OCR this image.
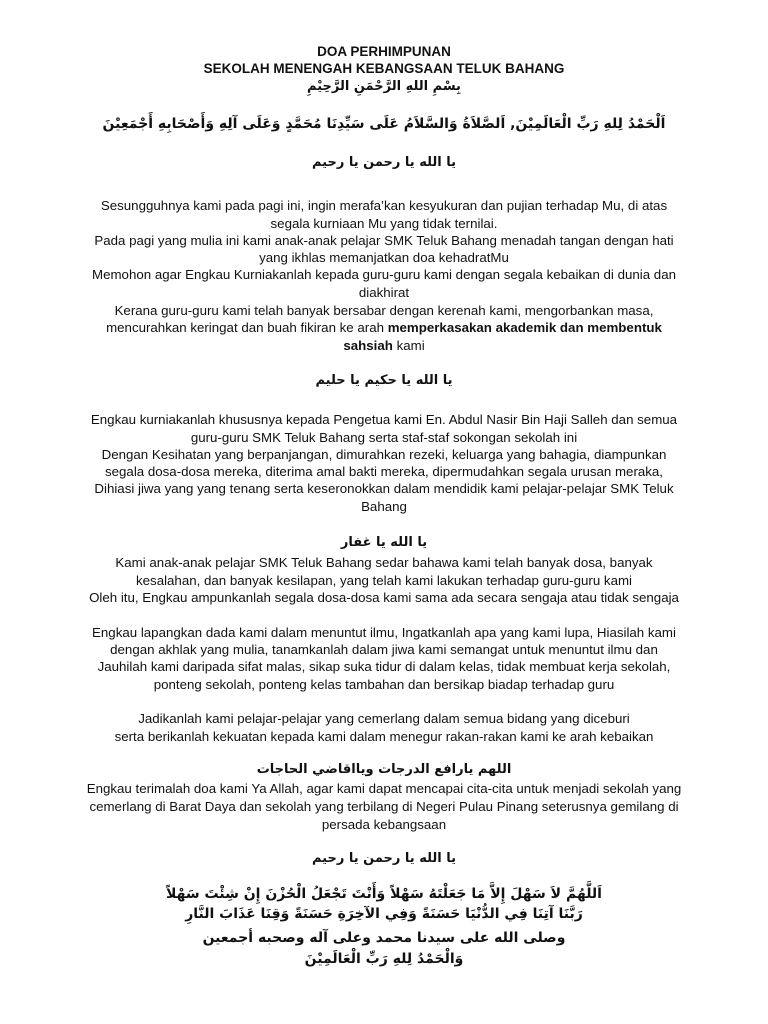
DOA PERHIMPUNAN
SEKOLAH MENENGAH KEBANGSAAN TELUK BAHANG
بِسْمِ اللهِ الرَّحْمَنِ الرَّحِيْمِ
اَلْحَمْدُ لِلهِ رَبِّ الْعَالَمِيْنَ, اَلصَّلاَةُ وَالسَّلاَمُ عَلَى سَيِّدِنَا مُحَمَّدٍ وَعَلَى آلِهِ وَأَصْحَابِهِ أَجْمَعِيْنَ
يا الله يا رحمن يا رحيم
Sesungguhnya kami pada pagi ini, ingin merafa’kan kesyukuran dan pujian terhadap Mu, di atas
segala kurniaan Mu yang tidak ternilai.
Pada pagi yang mulia ini kami anak-anak pelajar SMK Teluk Bahang menadah tangan dengan hati
yang ikhlas memanjatkan doa kehadratMu
Memohon agar Engkau Kurniakanlah kepada guru-guru kami dengan segala kebaikan di dunia dan
diakhirat
Kerana guru-guru kami telah banyak bersabar dengan kerenah kami, mengorbankan masa,
mencurahkan keringat dan buah fikiran ke arah memperkasakan akademik dan membentuk
sahsiah kami
يا الله يا حكيم يا حليم
Engkau kurniakanlah khususnya kepada Pengetua kami En. Abdul Nasir Bin Haji Salleh dan semua
guru-guru SMK Teluk Bahang serta staf-staf sokongan sekolah ini
Dengan Kesihatan yang berpanjangan, dimurahkan rezeki, keluarga yang bahagia, diampunkan
segala dosa-dosa mereka, diterima amal bakti mereka, dipermudahkan segala urusan meraka,
Dihiasi jiwa yang yang tenang serta keseronokkan dalam mendidik kami pelajar-pelajar SMK Teluk
Bahang
يا الله يا غفار
Kami anak-anak pelajar SMK Teluk Bahang sedar bahawa kami telah banyak dosa, banyak
kesalahan, dan banyak kesilapan, yang telah kami lakukan terhadap guru-guru kami
Oleh itu, Engkau ampunkanlah segala dosa-dosa kami sama ada secara sengaja atau tidak sengaja
Engkau lapangkan dada kami dalam menuntut ilmu, Ingatkanlah apa yang kami lupa, Hiasilah kami
dengan akhlak yang mulia, tanamkanlah dalam jiwa kami semangat untuk menuntut ilmu dan
Jauhilah kami daripada sifat malas, sikap suka tidur di dalam kelas, tidak membuat kerja sekolah,
ponteng sekolah, ponteng kelas tambahan dan bersikap biadap terhadap guru
Jadikanlah kami pelajar-pelajar yang cemerlang dalam semua bidang yang diceburi
serta berikanlah kekuatan kepada kami dalam menegur rakan-rakan kami ke arah kebaikan
اللهم يارافع الدرجات ويااقاضي الحاجات
Engkau terimalah doa kami Ya Allah, agar kami dapat mencapai cita-cita untuk menjadi sekolah yang
cemerlang di Barat Daya dan sekolah yang terbilang di Negeri Pulau Pinang seterusnya gemilang di
persada kebangsaan
يا الله يا رحمن يا رحيم
اَللَّهُمَّ لاَ سَهْلَ إِلاَّ مَا جَعَلْتَهُ سَهْلاً وَأَنْتَ تَجْعَلُ الْحُزْنَ إِنْ شِئْتَ سَهْلاً
رَبَّنَا آتِنَا فِي الدُّنْيَا حَسَنَةً وَفِي الآخِرَةِ حَسَنَةً وَقِنَا عَذَابَ النَّارِ
وصلى الله على سيدنا محمد وعلى آله وصحبه أجمعين
وَالْحَمْدُ لِلهِ رَبِّ الْعَالَمِيْنَ
